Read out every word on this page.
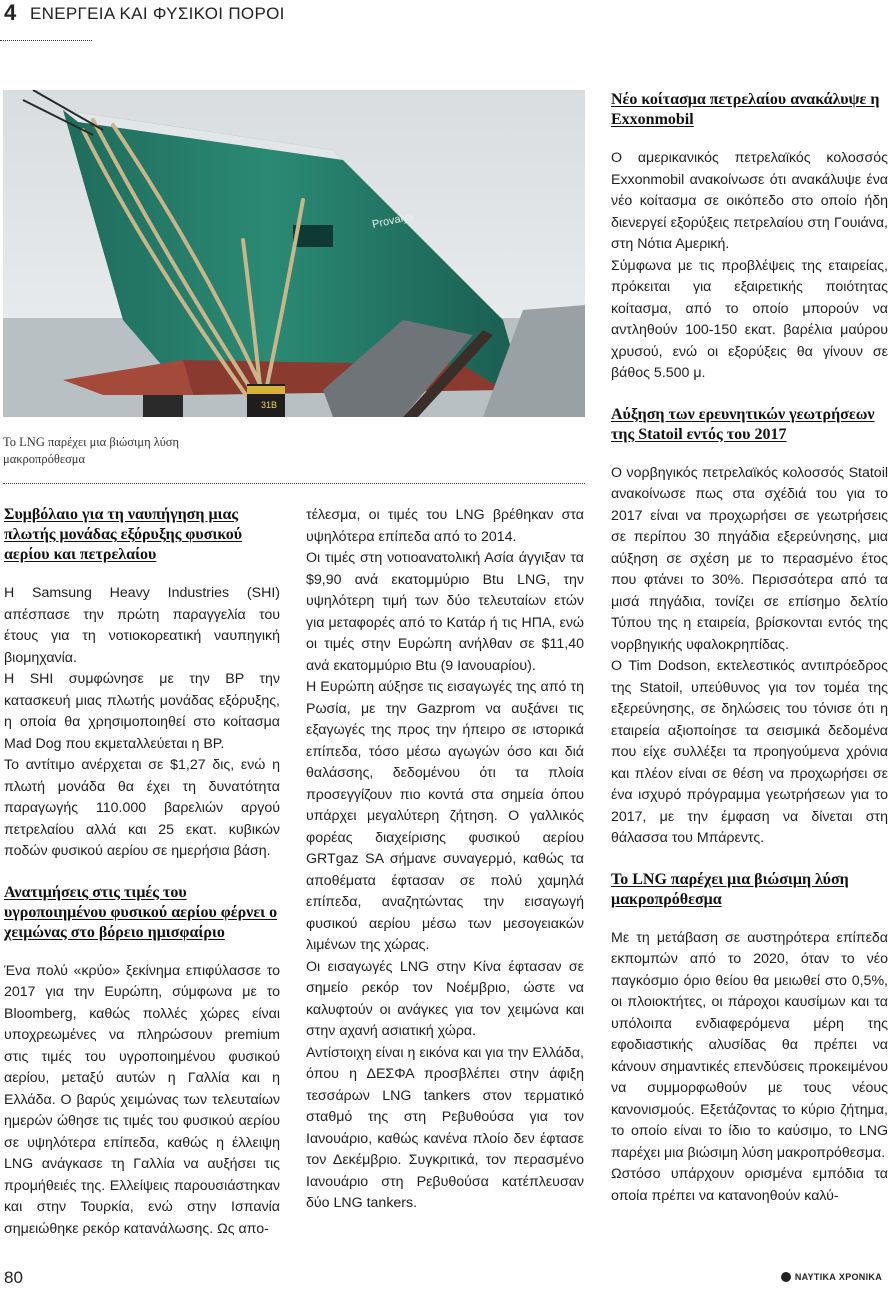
4 ΕΝΕΡΓΕΙΑ ΚΑΙ ΦΥΣΙΚΟΙ ΠΟΡΟΙ
Provalys
31B
Το LNG παρέχει μια βιώσιμη λύση μακροπρόθεσμα
Συμβόλαιο για τη ναυπήγηση μιας πλωτής μονάδας εξόρυξης φυσικού αερίου και πετρελαίου

Η Samsung Heavy Industries (SHI) απέσπασε την πρώτη παραγγελία του έτους για τη νοτιοκορεατική ναυπηγική βιομηχανία.

Η SHI συμφώνησε με την BP την κατασκευή μιας πλωτής μονάδας εξόρυξης, η οποία θα χρησιμοποιηθεί στο κοίτασμα Mad Dog που εκμεταλλεύεται η BP.

Το αντίτιμο ανέρχεται σε $1,27 δις, ενώ η πλωτή μονάδα θα έχει τη δυνατότητα παραγωγής 110.000 βαρελιών αργού πετρελαίου αλλά και 25 εκατ. κυβικών ποδών φυσικού αερίου σε ημερήσια βάση.

Ανατιμήσεις στις τιμές του υγροποιημένου φυσικού αερίου φέρνει ο χειμώνας στο βόρειο ημισφαίριο

Ένα πολύ «κρύο» ξεκίνημα επιφύλασσε το 2017 για την Ευρώπη, σύμφωνα με το Bloomberg, καθώς πολλές χώρες είναι υποχρεωμένες να πληρώσουν premium στις τιμές του υγροποιημένου φυσικού αερίου, μεταξύ αυτών η Γαλλία και η Ελλάδα. Ο βαρύς χειμώνας των τελευταίων ημερών ώθησε τις τιμές του φυσικού αερίου σε υψηλότερα επίπεδα, καθώς η έλλειψη LNG ανάγκασε τη Γαλλία να αυξήσει τις προμήθειές της. Ελλείψεις παρουσιάστηκαν και στην Τουρκία, ενώ στην Ισπανία σημειώθηκε ρεκόρ κατανάλωσης. Ως απο-

τέλεσμα, οι τιμές του LNG βρέθηκαν στα υψηλότερα επίπεδα από το 2014.

Οι τιμές στη νοτιοανατολική Ασία άγγιξαν τα $9,90 ανά εκατομμύριο Btu LNG, την υψηλότερη τιμή των δύο τελευταίων ετών για μεταφορές από το Κατάρ ή τις ΗΠΑ, ενώ οι τιμές στην Ευρώπη ανήλθαν σε $11,40 ανά εκατομμύριο Btu (9 Ιανουαρίου).

Η Ευρώπη αύξησε τις εισαγωγές της από τη Ρωσία, με την Gazprom να αυξάνει τις εξαγωγές της προς την ήπειρο σε ιστορικά επίπεδα, τόσο μέσω αγωγών όσο και διά θαλάσσης, δεδομένου ότι τα πλοία προσεγγίζουν πιο κοντά στα σημεία όπου υπάρχει μεγαλύτερη ζήτηση. Ο γαλλικός φορέας διαχείρισης φυσικού αερίου GRTgaz SA σήμανε συναγερμό, καθώς τα αποθέματα έφτασαν σε πολύ χαμηλά επίπεδα, αναζητώντας την εισαγωγή φυσικού αερίου μέσω των μεσογειακών λιμένων της χώρας.

Οι εισαγωγές LNG στην Κίνα έφτασαν σε σημείο ρεκόρ τον Νοέμβριο, ώστε να καλυφτούν οι ανάγκες για τον χειμώνα και στην αχανή ασιατική χώρα.

Αντίστοιχη είναι η εικόνα και για την Ελλάδα, όπου η ΔΕΣΦΑ προσβλέπει στην άφιξη τεσσάρων LNG tankers στον τερματικό σταθμό της στη Ρεβυθούσα για τον Ιανουάριο, καθώς κανένα πλοίο δεν έφτασε τον Δεκέμβριο. Συγκριτικά, τον περασμένο Ιανουάριο στη Ρεβυθούσα κατέπλευσαν δύο LNG tankers.

Νέο κοίτασμα πετρελαίου ανακάλυψε η Exxonmobil

Ο αμερικανικός πετρελαϊκός κολοσσός Exxonmobil ανακοίνωσε ότι ανακάλυψε ένα νέο κοίτασμα σε οικόπεδο στο οποίο ήδη διενεργεί εξορύξεις πετρελαίου στη Γουιάνα, στη Νότια Αμερική.

Σύμφωνα με τις προβλέψεις της εταιρείας, πρόκειται για εξαιρετικής ποιότητας κοίτασμα, από το οποίο μπορούν να αντληθούν 100-150 εκατ. βαρέλια μαύρου χρυσού, ενώ οι εξορύξεις θα γίνουν σε βάθος 5.500 μ.

Αύξηση των ερευνητικών γεωτρήσεων της Statoil εντός του 2017

Ο νορβηγικός πετρελαϊκός κολοσσός Statoil ανακοίνωσε πως στα σχέδιά του για το 2017 είναι να προχωρήσει σε γεωτρήσεις σε περίπου 30 πηγάδια εξερεύνησης, μια αύξηση σε σχέση με το περασμένο έτος που φτάνει το 30%. Περισσότερα από τα μισά πηγάδια, τονίζει σε επίσημο δελτίο Τύπου της η εταιρεία, βρίσκονται εντός της νορβηγικής υφαλοκρηπίδας.

Ο Tim Dodson, εκτελεστικός αντιπρόεδρος της Statoil, υπεύθυνος για τον τομέα της εξερεύνησης, σε δηλώσεις του τόνισε ότι η εταιρεία αξιοποίησε τα σεισμικά δεδομένα που είχε συλλέξει τα προηγούμενα χρόνια και πλέον είναι σε θέση να προχωρήσει σε ένα ισχυρό πρόγραμμα γεωτρήσεων για το 2017, με την έμφαση να δίνεται στη θάλασσα του Μπάρεντς.

Το LNG παρέχει μια βιώσιμη λύση μακροπρόθεσμα

Με τη μετάβαση σε αυστηρότερα επίπεδα εκπομπών από το 2020, όταν το νέο παγκόσμιο όριο θείου θα μειωθεί στο 0,5%, οι πλοιοκτήτες, οι πάροχοι καυσίμων και τα υπόλοιπα ενδιαφερόμενα μέρη της εφοδιαστικής αλυσίδας θα πρέπει να κάνουν σημαντικές επενδύσεις προκειμένου να συμμορφωθούν με τους νέους κανονισμούς. Εξετάζοντας το κύριο ζήτημα, το οποίο είναι το ίδιο το καύσιμο, το LNG παρέχει μια βιώσιμη λύση μακροπρόθεσμα.

Ωστόσο υπάρχουν ορισμένα εμπόδια τα οποία πρέπει να κατανοηθούν καλύ-

80	ΝΑΥΤΙΚΑ ΧΡΟΝΙΚΑ
